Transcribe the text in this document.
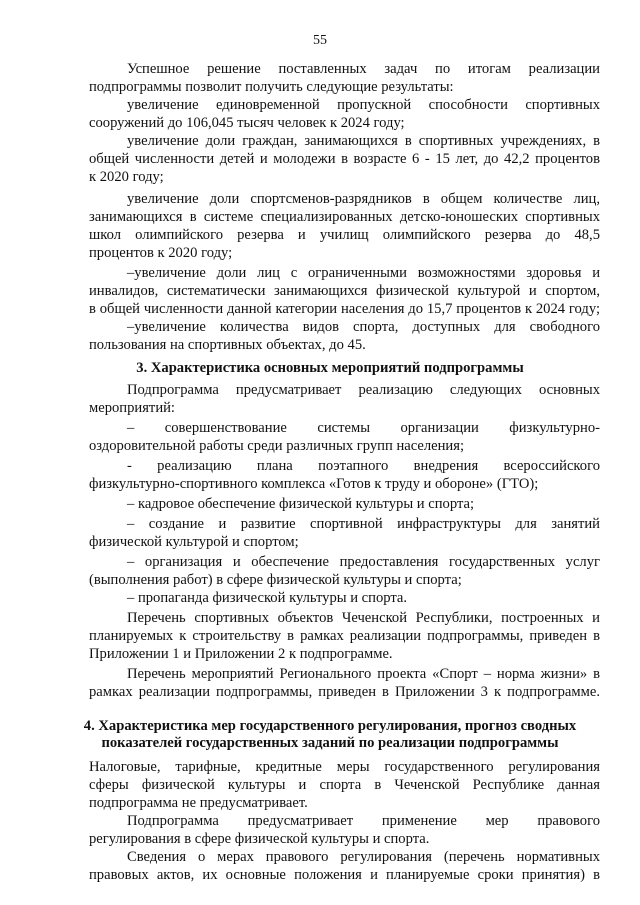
55
Успешное решение поставленных задач по итогам реализации
подпрограммы позволит получить следующие результаты:
увеличение единовременной пропускной способности спортивных
сооружений до 106,045 тысяч человек к 2024 году;
увеличение доли граждан, занимающихся в спортивных учреждениях, в
общей численности детей и молодежи в возрасте 6 - 15 лет, до 42,2 процентов
к 2020 году;
увеличение доли спортсменов-разрядников в общем количестве лиц,
занимающихся в системе специализированных детско-юношеских спортивных
школ олимпийского резерва и училищ олимпийского резерва до 48,5
процентов к 2020 году;
–увеличение доли лиц с ограниченными возможностями здоровья и
инвалидов, систематически занимающихся физической культурой и спортом,
в общей численности данной категории населения до 15,7 процентов к 2024 году;
–увеличение количества видов спорта, доступных для свободного
пользования на спортивных объектах, до 45.
3. Характеристика основных мероприятий подпрограммы
Подпрограмма предусматривает реализацию следующих основных
мероприятий:
– совершенствование системы организации физкультурно-
оздоровительной работы среди различных групп населения;
- реализацию плана поэтапного внедрения всероссийского
физкультурно-спортивного комплекса «Готов к труду и обороне» (ГТО);
– кадровое обеспечение физической культуры и спорта;
– создание и развитие спортивной инфраструктуры для занятий
физической культурой и спортом;
– организация и обеспечение предоставления государственных услуг
(выполнения работ) в сфере физической культуры и спорта;
– пропаганда физической культуры и спорта.
Перечень спортивных объектов Чеченской Республики, построенных и
планируемых к строительству в рамках реализации подпрограммы, приведен в
Приложении 1 и Приложении 2 к подпрограмме.
Перечень мероприятий Регионального проекта «Спорт – норма жизни» в
рамках реализации подпрограммы, приведен в Приложении 3 к подпрограмме.
4. Характеристика мер государственного регулирования, прогноз сводных
показателей государственных заданий по реализации подпрограммы
Налоговые, тарифные, кредитные меры государственного регулирования
сферы физической культуры и спорта в Чеченской Республике данная
подпрограмма не предусматривает.
Подпрограмма предусматривает применение мер правового
регулирования в сфере физической культуры и спорта.
Сведения о мерах правового регулирования (перечень нормативных
правовых актов, их основные положения и планируемые сроки принятия) в
